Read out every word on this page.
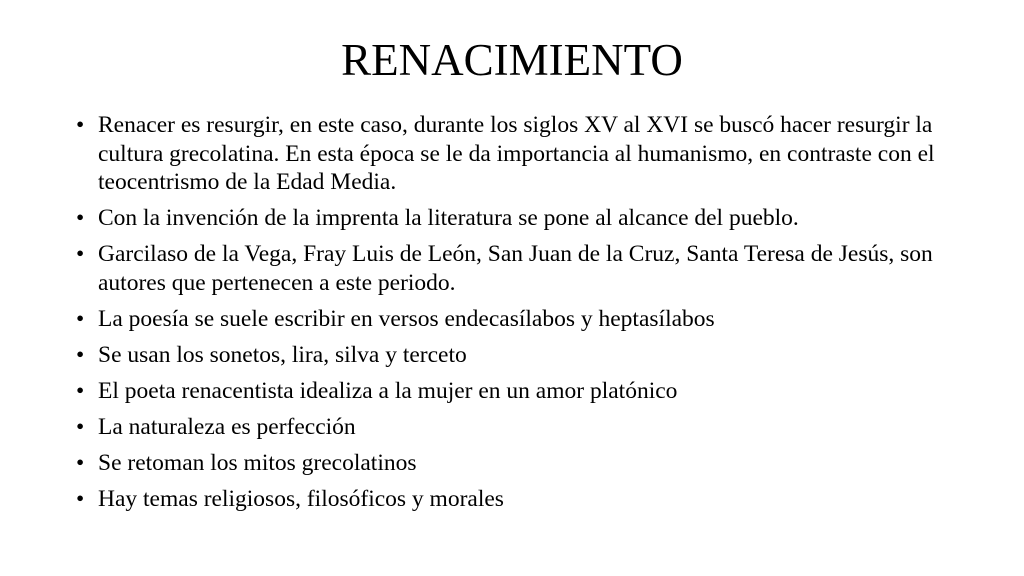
RENACIMIENTO
• Renacer es resurgir, en este caso, durante los siglos XV al XVI se buscó hacer resurgir la cultura grecolatina. En esta época se le da importancia al humanismo, en contraste con el teocentrismo de la Edad Media.
• Con la invención de la imprenta la literatura se pone al alcance del pueblo.
• Garcilaso de la Vega, Fray Luis de León, San Juan de la Cruz, Santa Teresa de Jesús, son autores que pertenecen a este periodo.
• La poesía se suele escribir en versos endecasílabos y heptasílabos
• Se usan los sonetos, lira, silva y terceto
• El poeta renacentista idealiza a la mujer en un amor platónico
• La naturaleza es perfección
• Se retoman los mitos grecolatinos
• Hay temas religiosos, filosóficos y morales
